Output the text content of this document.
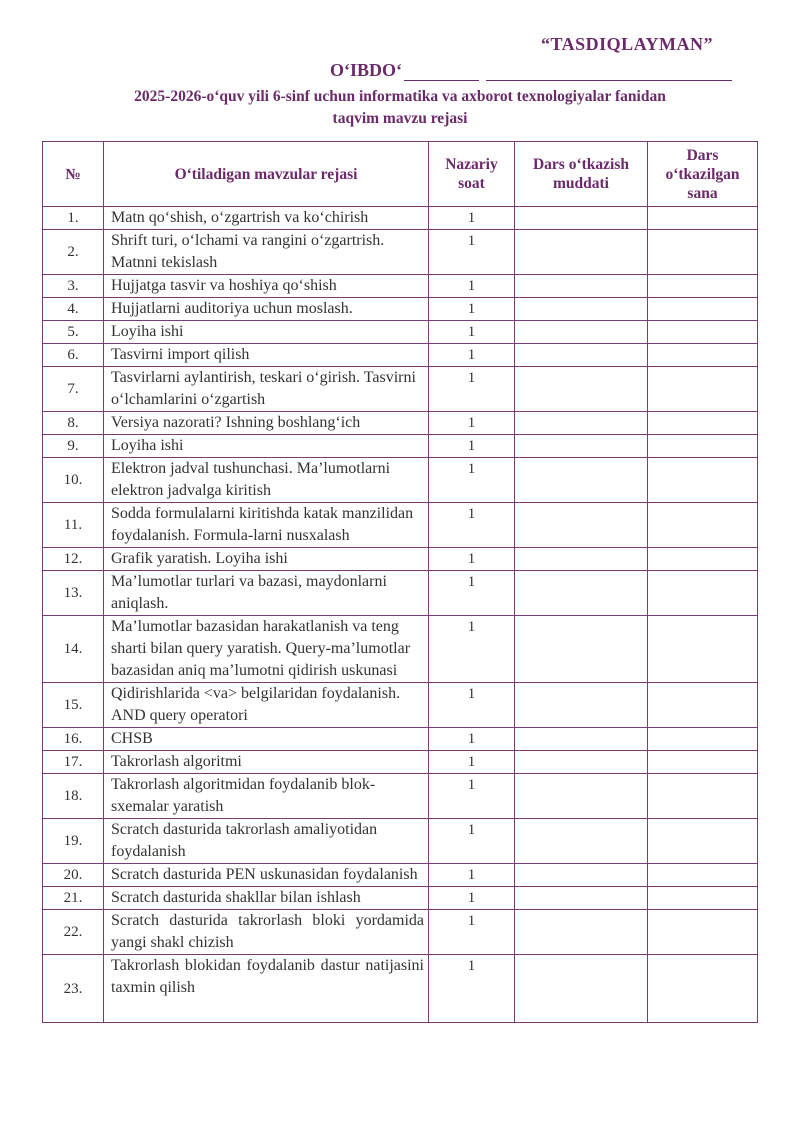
“TASDIQLAYMAN”
O‘IBDO‘
2025-2026-o‘quv yili 6-sinf uchun informatika va axborot texnologiyalar fanidan
taqvim mavzu rejasi
№	O‘tiladigan mavzular rejasi	Nazariy soat	Dars o‘tkazish muddati	Dars o‘tkazilgan sana

1.	Matn qo‘shish, o‘zgartrish va ko‘chirish	1		
2.	Shrift turi, o‘lchami va rangini o‘zgartrish. Matnni tekislash	1		
3.	Hujjatga tasvir va hoshiya qo‘shish	1		
4.	Hujjatlarni auditoriya uchun moslash.	1		
5.	Loyiha ishi	1		
6.	Tasvirni import qilish	1		
7.	Tasvirlarni aylantirish, teskari o‘girish. Tasvirni o‘lchamlarini o‘zgartish	1		
8.	Versiya nazorati? Ishning boshlang‘ich	1		
9.	Loyiha ishi	1		
10.	Elektron jadval tushunchasi. Ma’lumotlarni elektron jadvalga kiritish	1		
11.	Sodda formulalarni kiritishda katak manzilidan foydalanish. Formula-larni nusxalash	1		
12.	Grafik yaratish. Loyiha ishi	1		
13.	Ma’lumotlar turlari va bazasi, maydonlarni aniqlash.	1		
14.	Ma’lumotlar bazasidan harakatlanish va teng sharti bilan query yaratish. Query-ma’lumotlar bazasidan aniq ma’lumotni qidirish uskunasi	1		
15.	Qidirishlarida <va> belgilaridan foydalanish. AND query operatori	1		
16.	CHSB	1		
17.	Takrorlash algoritmi	1		
18.	Takrorlash algoritmidan foydalanib blok-sxemalar yaratish	1		
19.	Scratch dasturida takrorlash amaliyotidan foydalanish	1		
20.	Scratch dasturida PEN uskunasidan foydalanish	1		
21.	Scratch dasturida shakllar bilan ishlash	1		
22.	Scratch dasturida takrorlash bloki yordamida yangi shakl chizish	1		
23.	Takrorlash blokidan foydalanib dastur natijasini taxmin qilish	1		
